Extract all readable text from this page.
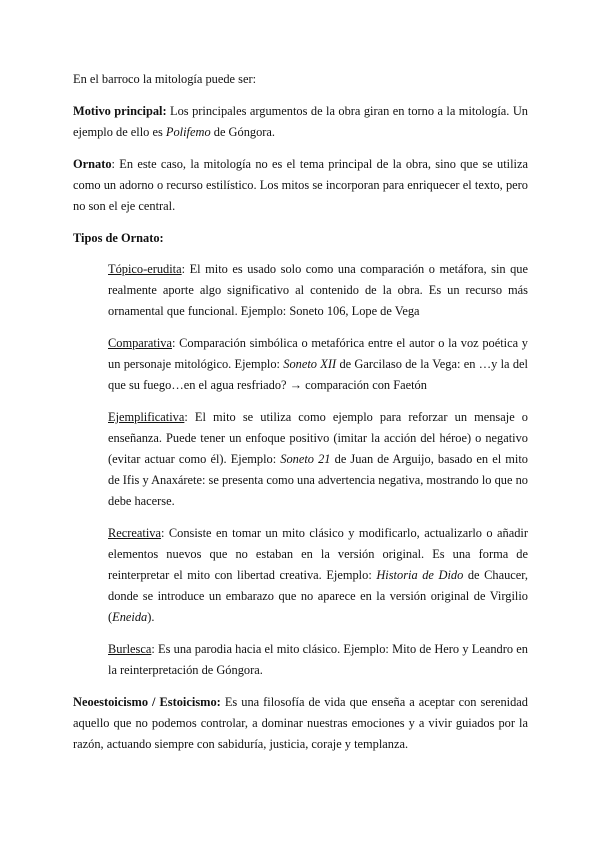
En el barroco la mitología puede ser:

Motivo principal: Los principales argumentos de la obra giran en torno a la mitología. Un ejemplo de ello es Polifemo de Góngora.

Ornato: En este caso, la mitología no es el tema principal de la obra, sino que se utiliza como un adorno o recurso estilístico. Los mitos se incorporan para enriquecer el texto, pero no son el eje central.

Tipos de Ornato:

Tópico-erudita: El mito es usado solo como una comparación o metáfora, sin que realmente aporte algo significativo al contenido de la obra. Es un recurso más ornamental que funcional. Ejemplo: Soneto 106, Lope de Vega

Comparativa: Comparación simbólica o metafórica entre el autor o la voz poética y un personaje mitológico. Ejemplo: Soneto XII de Garcilaso de la Vega: en …y la del que su fuego…en el agua resfriado? → comparación con Faetón

Ejemplificativa: El mito se utiliza como ejemplo para reforzar un mensaje o enseñanza. Puede tener un enfoque positivo (imitar la acción del héroe) o negativo (evitar actuar como él). Ejemplo: Soneto 21 de Juan de Arguijo, basado en el mito de Ifis y Anaxárete: se presenta como una advertencia negativa, mostrando lo que no debe hacerse.

Recreativa: Consiste en tomar un mito clásico y modificarlo, actualizarlo o añadir elementos nuevos que no estaban en la versión original. Es una forma de reinterpretar el mito con libertad creativa. Ejemplo: Historia de Dido de Chaucer, donde se introduce un embarazo que no aparece en la versión original de Virgilio (Eneida).

Burlesca: Es una parodia hacia el mito clásico. Ejemplo: Mito de Hero y Leandro en la reinterpretación de Góngora.

Neoestoicismo / Estoicismo: Es una filosofía de vida que enseña a aceptar con serenidad aquello que no podemos controlar, a dominar nuestras emociones y a vivir guiados por la razón, actuando siempre con sabiduría, justicia, coraje y templanza.
